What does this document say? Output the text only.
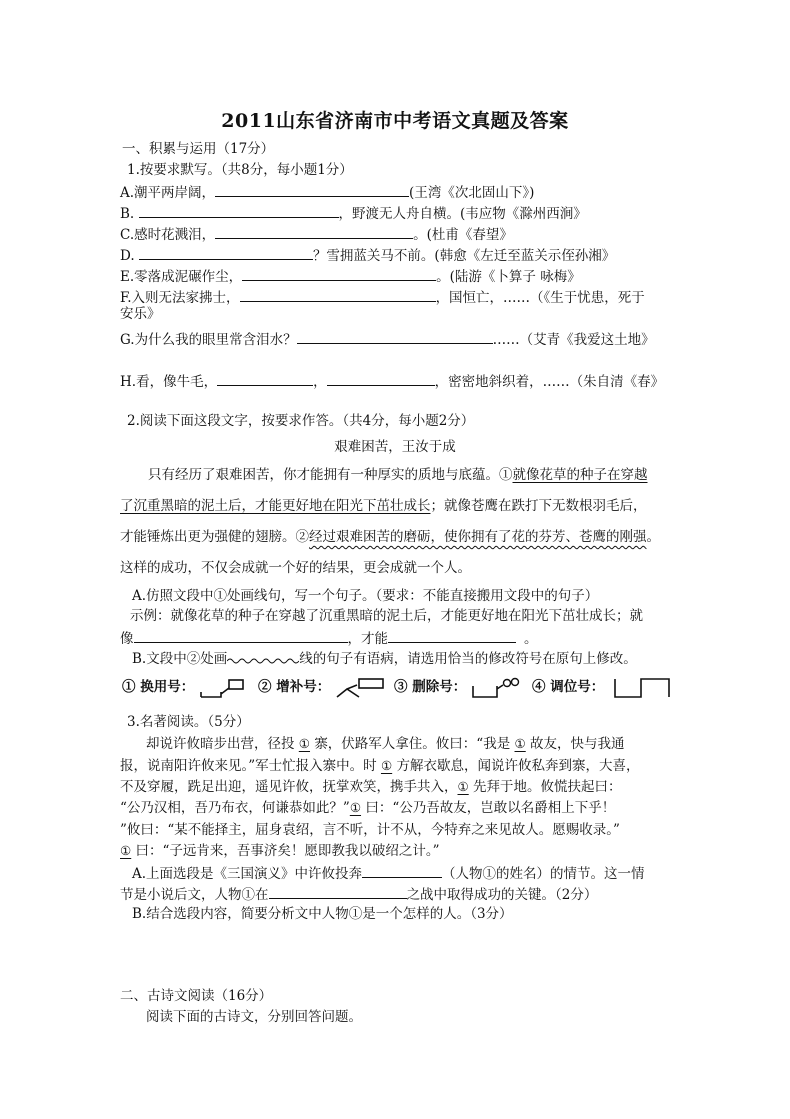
2011山东省济南市中考语文真题及答案
一、积累与运用（17分）
1.按要求默写。（共8分，每小题1分）
A.潮平两岸阔，	(王湾《次北固山下》)
B.	，野渡无人舟自横。(韦应物《滁州西涧》
C.感时花溅泪，	。(杜甫《春望》
D.	？雪拥蓝关马不前。(韩愈《左迁至蓝关示侄孙湘》
E.零落成泥碾作尘，	。(陆游《卜算子 咏梅》
F.入则无法家拂士，	，国恒亡，……（《生于忧患，死于
安乐》
G.为什么我的眼里常含泪水？	……（艾青《我爱这土地》
H.看，像牛毛，	，	，密密地斜织着，……（朱自清《春》
2.阅读下面这段文字，按要求作答。（共4分，每小题2分）
艰难困苦，王汝于成
只有经历了艰难困苦，你才能拥有一种厚实的质地与底蕴。①就像花草的种子在穿越
了沉重黑暗的泥土后，才能更好地在阳光下茁壮成长；就像苍鹰在跌打下无数根羽毛后，
才能锤炼出更为强健的翅膀。②经过艰难困苦的磨砺，使你拥有了花的芬芳、苍鹰的刚强。
这样的成功，不仅会成就一个好的结果，更会成就一个人。
A.仿照文段中①处画线句，写一个句子。（要求：不能直接搬用文段中的句子）
示例：就像花草的种子在穿越了沉重黑暗的泥土后，才能更好地在阳光下茁壮成长；就
像	，才能	。
B.文段中②处画	线的句子有语病，请选用恰当的修改符号在原句上修改。
① 换用号：	② 增补号：	③ 删除号：	④ 调位号：
3.名著阅读。（5分）
却说许攸暗步出营，径投 ① 寨，伏路军人拿住。攸曰：“我是 ① 故友，快与我通
报，说南阳许攸来见。”军士忙报入寨中。时 ① 方解衣歇息，闻说许攸私奔到寨，大喜，
不及穿履，跣足出迎，遥见许攸，抚掌欢笑，携手共入，① 先拜于地。攸慌扶起曰：
“公乃汉相，吾乃布衣，何谦恭如此？”① 曰：“公乃吾故友，岂敢以名爵相上下乎！
”攸曰：“某不能择主，屈身袁绍，言不听，计不从，今特弃之来见故人。愿赐收录。”
① 曰：“子远肯来，吾事济矣！愿即教我以破绍之计。”
A.上面选段是《三国演义》中许攸投奔	（人物①的姓名）的情节。这一情
节是小说后文，人物①在	之战中取得成功的关键。（2分）
B.结合选段内容，简要分析文中人物①是一个怎样的人。（3分）
二、古诗文阅读（16分）
阅读下面的古诗文，分别回答问题。
